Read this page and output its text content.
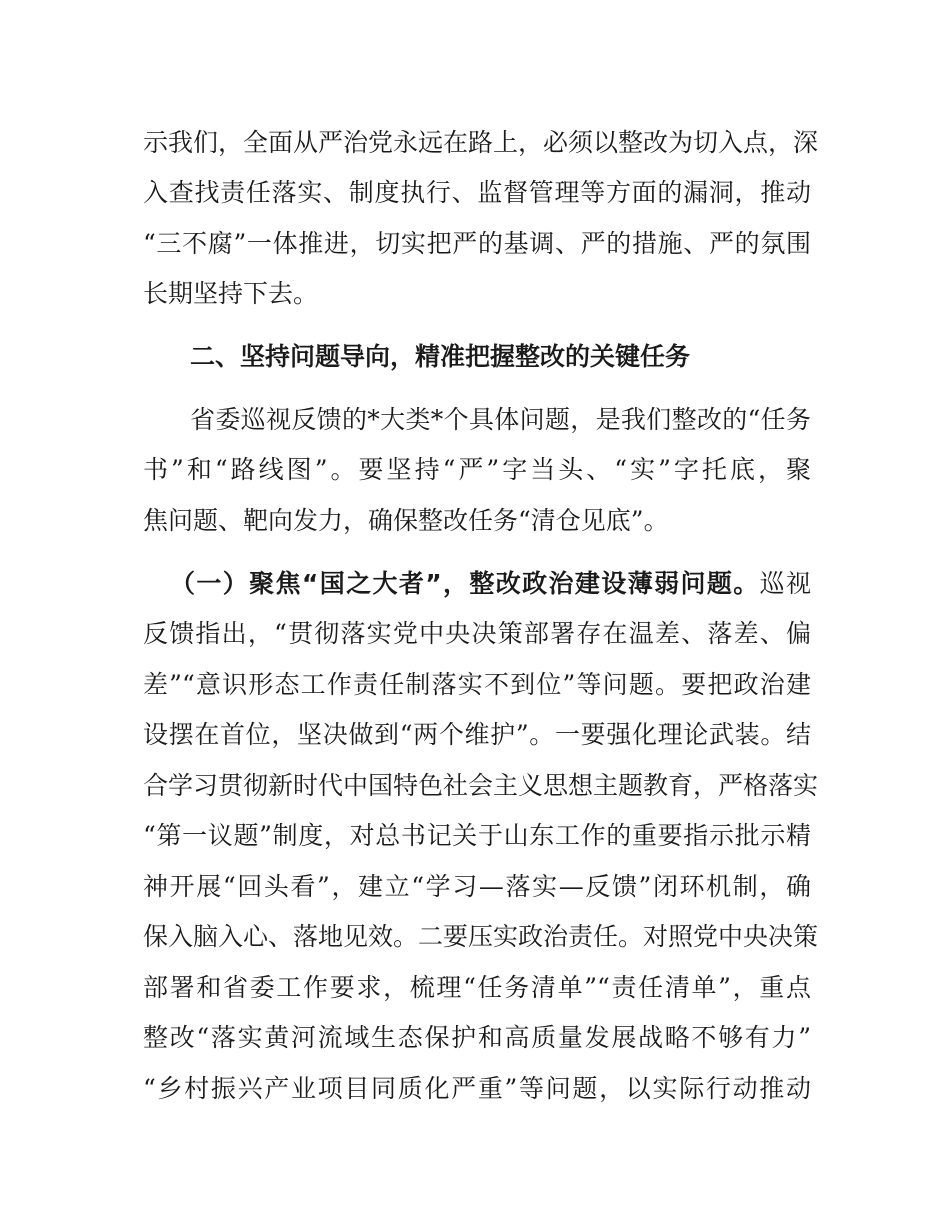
示我们，全面从严治党永远在路上，必须以整改为切入点，深
入查找责任落实、制度执行、监督管理等方面的漏洞，推动
“三不腐”一体推进，切实把严的基调、严的措施、严的氛围
长期坚持下去。
二、坚持问题导向，精准把握整改的关键任务
省委巡视反馈的*大类*个具体问题，是我们整改的“任务
书”和“路线图”。要坚持“严”字当头、“实”字托底，聚
焦问题、靶向发力，确保整改任务“清仓见底”。
（一）聚焦“国之大者”，整改政治建设薄弱问题。巡视
反馈指出，“贯彻落实党中央决策部署存在温差、落差、偏
差”“意识形态工作责任制落实不到位”等问题。要把政治建
设摆在首位，坚决做到“两个维护”。一要强化理论武装。结
合学习贯彻新时代中国特色社会主义思想主题教育，严格落实
“第一议题”制度，对总书记关于山东工作的重要指示批示精
神开展“回头看”，建立“学习—落实—反馈”闭环机制，确
保入脑入心、落地见效。二要压实政治责任。对照党中央决策
部署和省委工作要求，梳理“任务清单”“责任清单”，重点
整改“落实黄河流域生态保护和高质量发展战略不够有力”
“乡村振兴产业项目同质化严重”等问题，以实际行动推动
